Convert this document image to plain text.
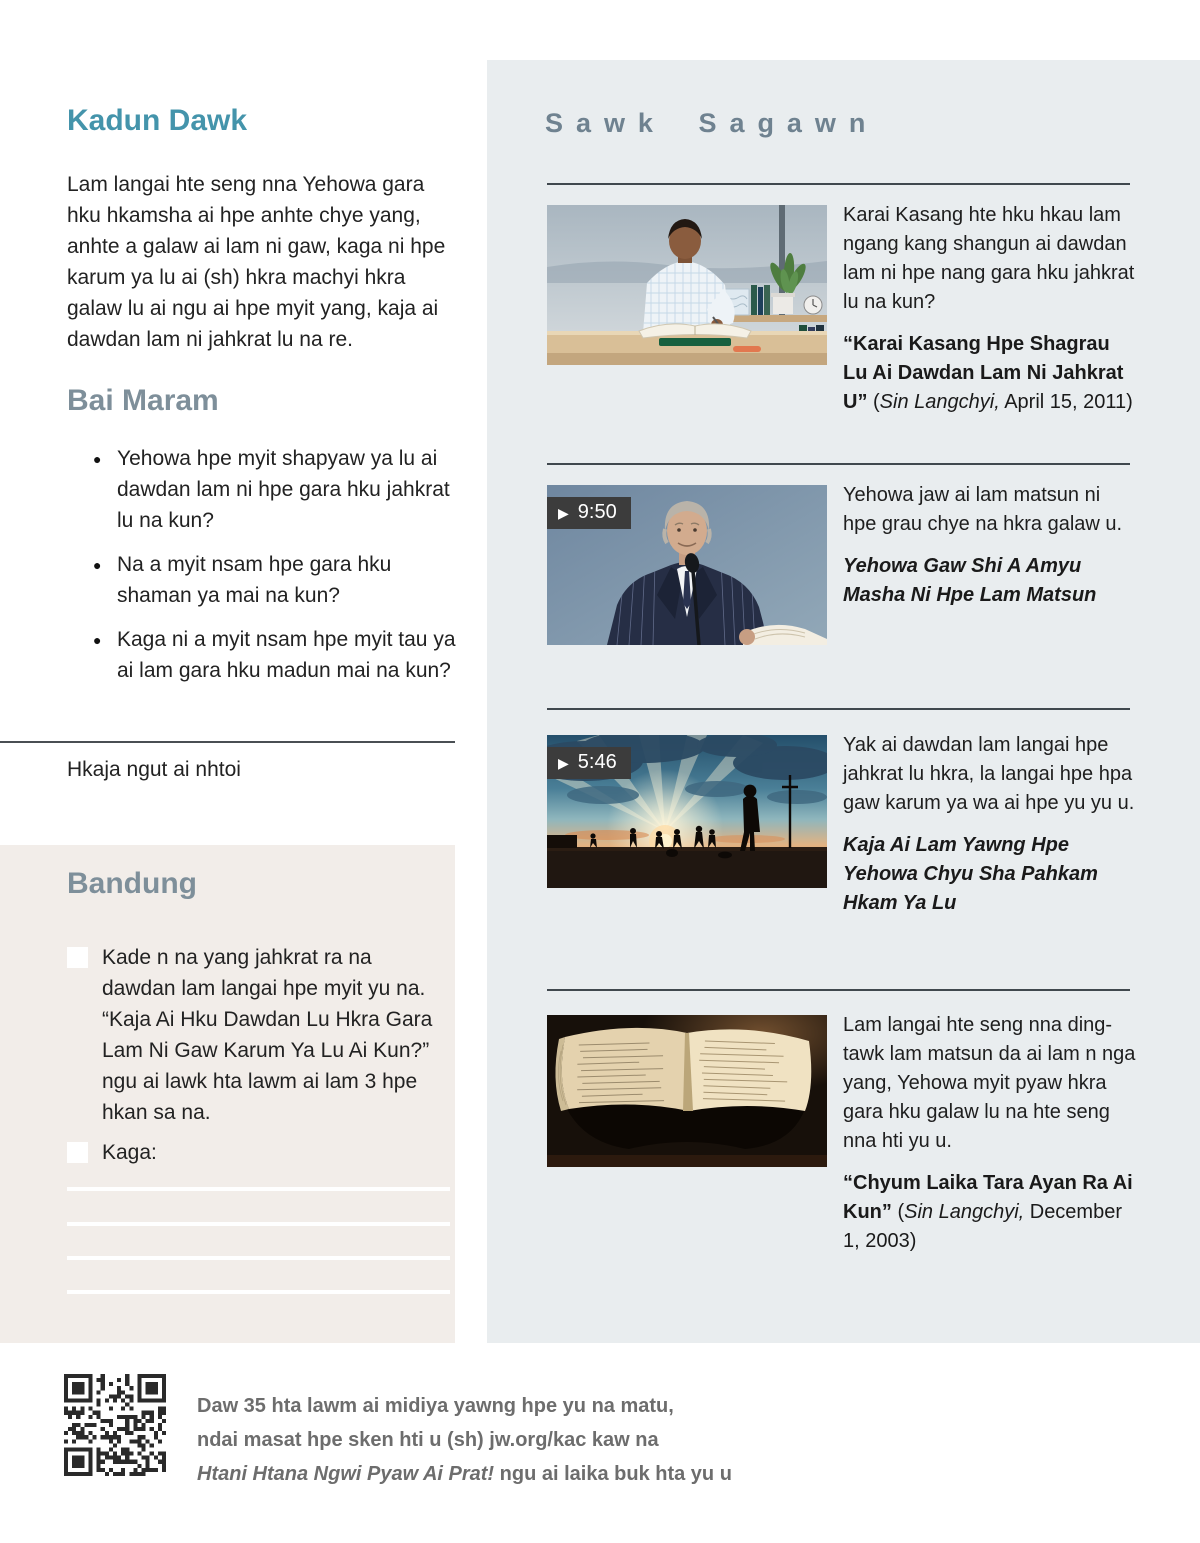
Kadun Dawk

Lam langai hte seng nna Yehowa gara hku hkamsha ai hpe anhte chye yang, anhte a galaw ai lam ni gaw, kaga ni hpe karum ya lu ai (sh) hkra machyi hkra galaw lu ai ngu ai hpe myit yang, kaja ai dawdan lam ni jahkrat lu na re.

Bai Maram
● Yehowa hpe myit shapyaw ya lu ai dawdan lam ni hpe gara hku jahkrat lu na kun?
● Na a myit nsam hpe gara hku shaman ya mai na kun?
● Kaga ni a myit nsam hpe myit tau ya ai lam gara hku madun mai na kun?
Hkaja ngut ai nhtoi
Bandung
Kade n na yang jahkrat ra na dawdan lam langai hpe myit yu na. “Kaja Ai Hku Dawdan Lu Hkra Gara Lam Ni Gaw Karum Ya Lu Ai Kun?” ngu ai lawk hta lawm ai lam 3 hpe hkan sa na.
Kaga:
Sawk Sagawn

Karai Kasang hte hku hkau lam ngang kang shangun ai dawdan lam ni hpe nang gara hku jahkrat lu na kun?

“Karai Kasang Hpe Shagrau Lu Ai Dawdan Lam Ni Jahkrat U” (Sin Langchyi, April 15, 2011)

▶ 9:50

Yehowa jaw ai lam matsun ni hpe grau chye na hkra galaw u.

Yehowa Gaw Shi A Amyu Masha Ni Hpe Lam Matsun

▶ 5:46

Yak ai dawdan lam langai hpe jahkrat lu hkra, la langai hpe hpa gaw karum ya wa ai hpe yu yu u.

Kaja Ai Lam Yawng Hpe Yehowa Chyu Sha Pahkam Hkam Ya Lu

Lam langai hte seng nna dingtawk lam matsun da ai lam n nga yang, Yehowa myit pyaw hkra gara hku galaw lu na hte seng nna hti yu u.

“Chyum Laika Tara Ayan Ra Ai Kun” (Sin Langchyi, December 1, 2003)

Daw 35 hta lawm ai midiya yawng hpe yu na matu,
ndai masat hpe sken hti u (sh) jw.org/kac kaw na
Htani Htana Ngwi Pyaw Ai Prat! ngu ai laika buk hta yu u
